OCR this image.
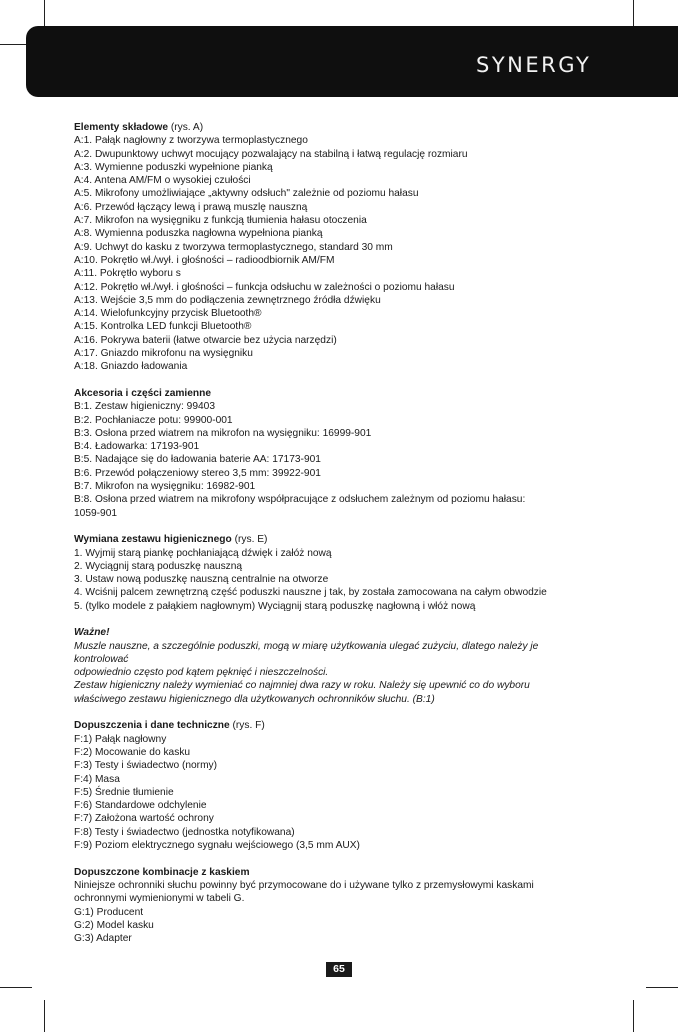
SYNERGY
Elementy składowe (rys. A)
A:1. Pałąk nagłowny z tworzywa termoplastycznego
A:2. Dwupunktowy uchwyt mocujący pozwalający na stabilną i łatwą regulację rozmiaru
A:3. Wymienne poduszki wypełnione pianką
A:4. Antena AM/FM o wysokiej czułości
A:5. Mikrofony umożliwiające „aktywny odsłuch" zależnie od poziomu hałasu
A:6. Przewód łączący lewą i prawą muszlę nauszną
A:7. Mikrofon na wysięgniku z funkcją tłumienia hałasu otoczenia
A:8. Wymienna poduszka nagłowna wypełniona pianką
A:9. Uchwyt do kasku z tworzywa termoplastycznego, standard 30 mm
A:10. Pokrętło wł./wył. i głośności – radioodbiornik AM/FM
A:11. Pokrętło wyboru s
A:12. Pokrętło wł./wył. i głośności – funkcja odsłuchu w zależności o poziomu hałasu
A:13. Wejście 3,5 mm do podłączenia zewnętrznego źródła dźwięku
A:14. Wielofunkcyjny przycisk Bluetooth®
A:15. Kontrolka LED funkcji Bluetooth®
A:16. Pokrywa baterii (łatwe otwarcie bez użycia narzędzi)
A:17. Gniazdo mikrofonu na wysięgniku
A:18. Gniazdo ładowania
Akcesoria i części zamienne
B:1. Zestaw higieniczny: 99403
B:2. Pochłaniacze potu: 99900-001
B:3. Osłona przed wiatrem na mikrofon na wysięgniku: 16999-901
B:4. Ładowarka: 17193-901
B:5. Nadające się do ładowania baterie AA: 17173-901
B:6. Przewód połączeniowy stereo 3,5 mm: 39922-901
B:7. Mikrofon na wysięgniku: 16982-901
B:8. Osłona przed wiatrem na mikrofony współpracujące z odsłuchem zależnym od poziomu hałasu:
1059-901
Wymiana zestawu higienicznego (rys. E)
1. Wyjmij starą piankę pochłaniającą dźwięk i załóż nową
2. Wyciągnij starą poduszkę nauszną
3. Ustaw nową poduszkę nauszną centralnie na otworze
4. Wciśnij palcem zewnętrzną część poduszki nauszne j tak, by została zamocowana na całym obwodzie
5. (tylko modele z pałąkiem nagłownym) Wyciągnij starą poduszkę nagłowną i włóż nową
Ważne!
Muszle nauszne, a szczególnie poduszki, mogą w miarę użytkowania ulegać zużyciu, dlatego należy je
kontrolować
odpowiednio często pod kątem pęknięć i nieszczelności.
Zestaw higieniczny należy wymieniać co najmniej dwa razy w roku. Należy się upewnić co do wyboru
właściwego zestawu higienicznego dla użytkowanych ochronników słuchu. (B:1)
Dopuszczenia i dane techniczne (rys. F)
F:1) Pałąk nagłowny
F:2) Mocowanie do kasku
F:3) Testy i świadectwo (normy)
F:4) Masa
F:5) Średnie tłumienie
F:6) Standardowe odchylenie
F:7) Założona wartość ochrony
F:8) Testy i świadectwo (jednostka notyfikowana)
F:9) Poziom elektrycznego sygnału wejściowego (3,5 mm AUX)
Dopuszczone kombinacje z kaskiem
Niniejsze ochronniki słuchu powinny być przymocowane do i używane tylko z przemysłowymi kaskami
ochronnymi wymienionymi w tabeli G.
G:1) Producent
G:2) Model kasku
G:3) Adapter
65
